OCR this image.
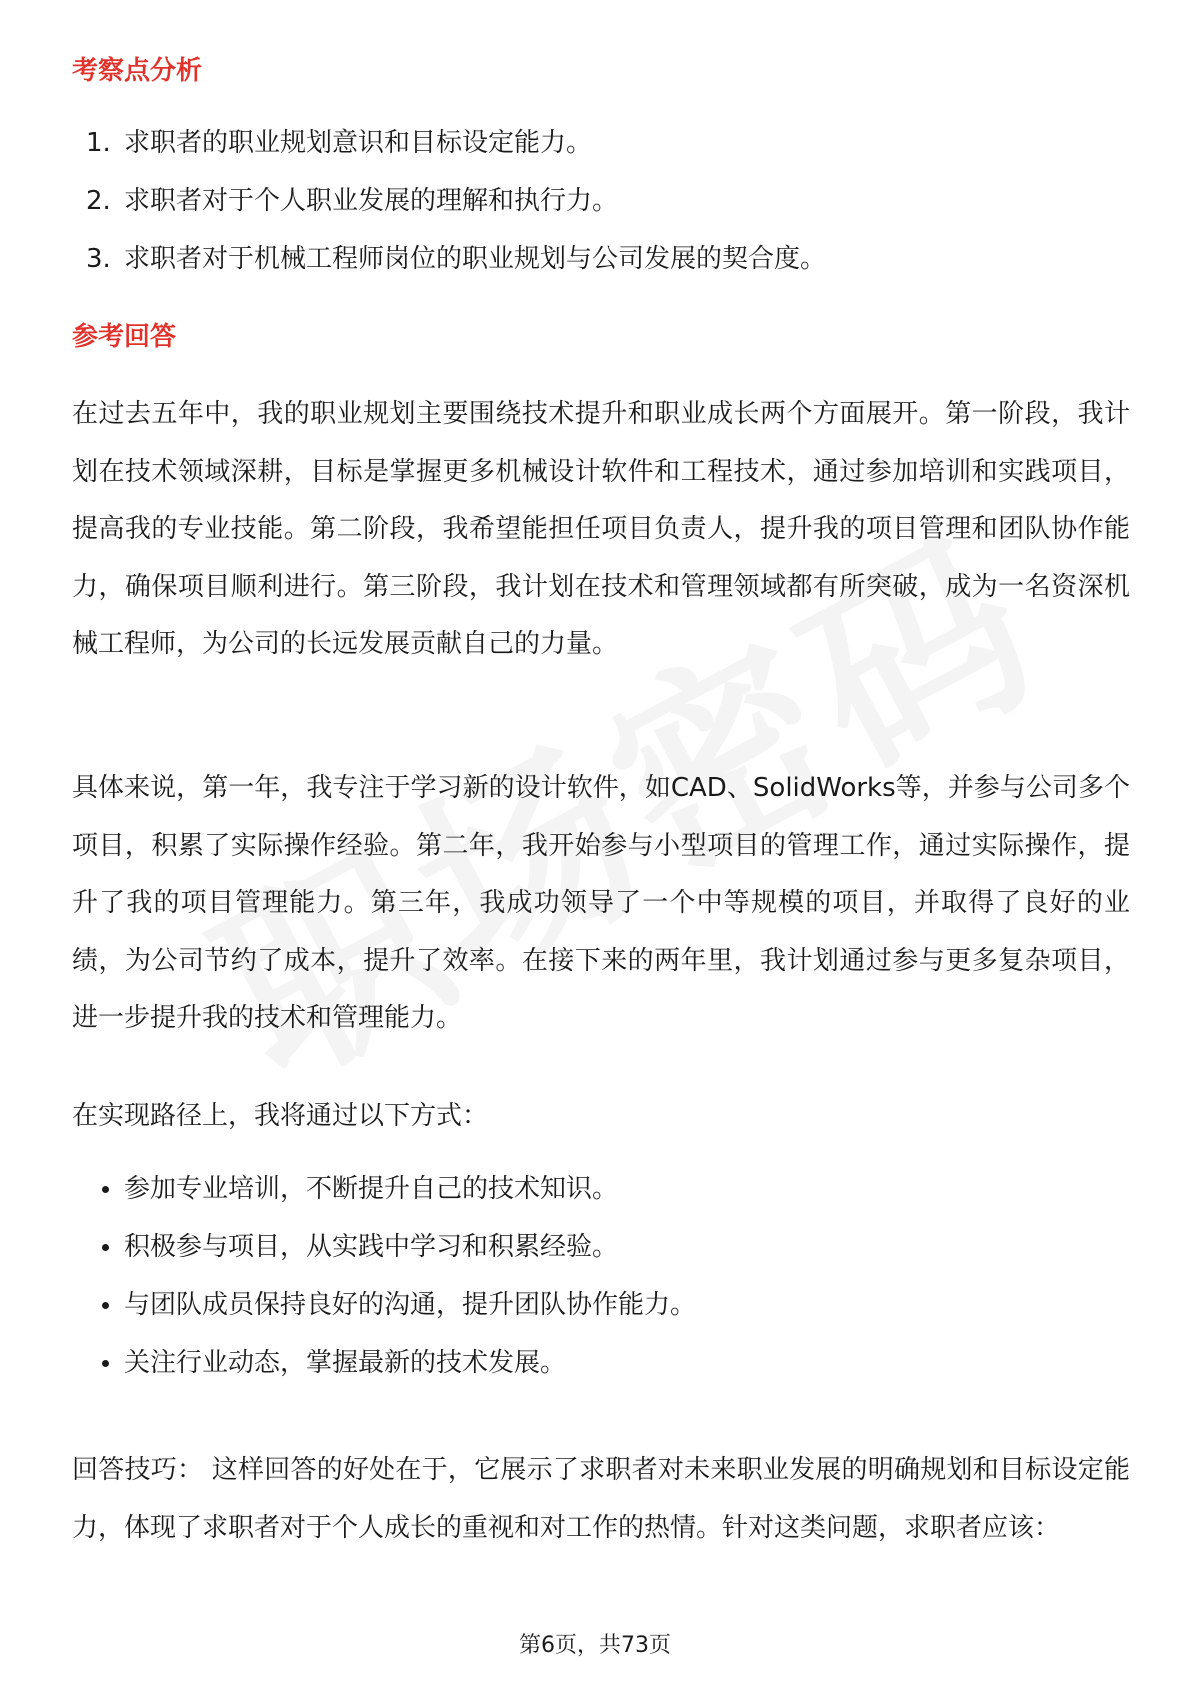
考察点分析
1. 求职者的职业规划意识和目标设定能力。
2. 求职者对于个人职业发展的理解和执行力。
3. 求职者对于机械工程师岗位的职业规划与公司发展的契合度。
参考回答

在过去五年中，我的职业规划主要围绕技术提升和职业成长两个方面展开。第一阶段，我计划在技术领域深耕，目标是掌握更多机械设计软件和工程技术，通过参加培训和实践项目，提高我的专业技能。第二阶段，我希望能担任项目负责人，提升我的项目管理和团队协作能力，确保项目顺利进行。第三阶段，我计划在技术和管理领域都有所突破，成为一名资深机械工程师，为公司的长远发展贡献自己的力量。

具体来说，第一年，我专注于学习新的设计软件，如CAD、SolidWorks等，并参与公司多个项目，积累了实际操作经验。第二年，我开始参与小型项目的管理工作，通过实际操作，提升了我的项目管理能力。第三年，我成功领导了一个中等规模的项目，并取得了良好的业绩，为公司节约了成本，提升了效率。在接下来的两年里，我计划通过参与更多复杂项目，进一步提升我的技术和管理能力。

在实现路径上，我将通过以下方式：

参加专业培训，不断提升自己的技术知识。
积极参与项目，从实践中学习和积累经验。
与团队成员保持良好的沟通，提升团队协作能力。
关注行业动态，掌握最新的技术发展。

回答技巧： 这样回答的好处在于，它展示了求职者对未来职业发展的明确规划和目标设定能力，体现了求职者对于个人成长的重视和对工作的热情。针对这类问题，求职者应该：

第6页，共73页
